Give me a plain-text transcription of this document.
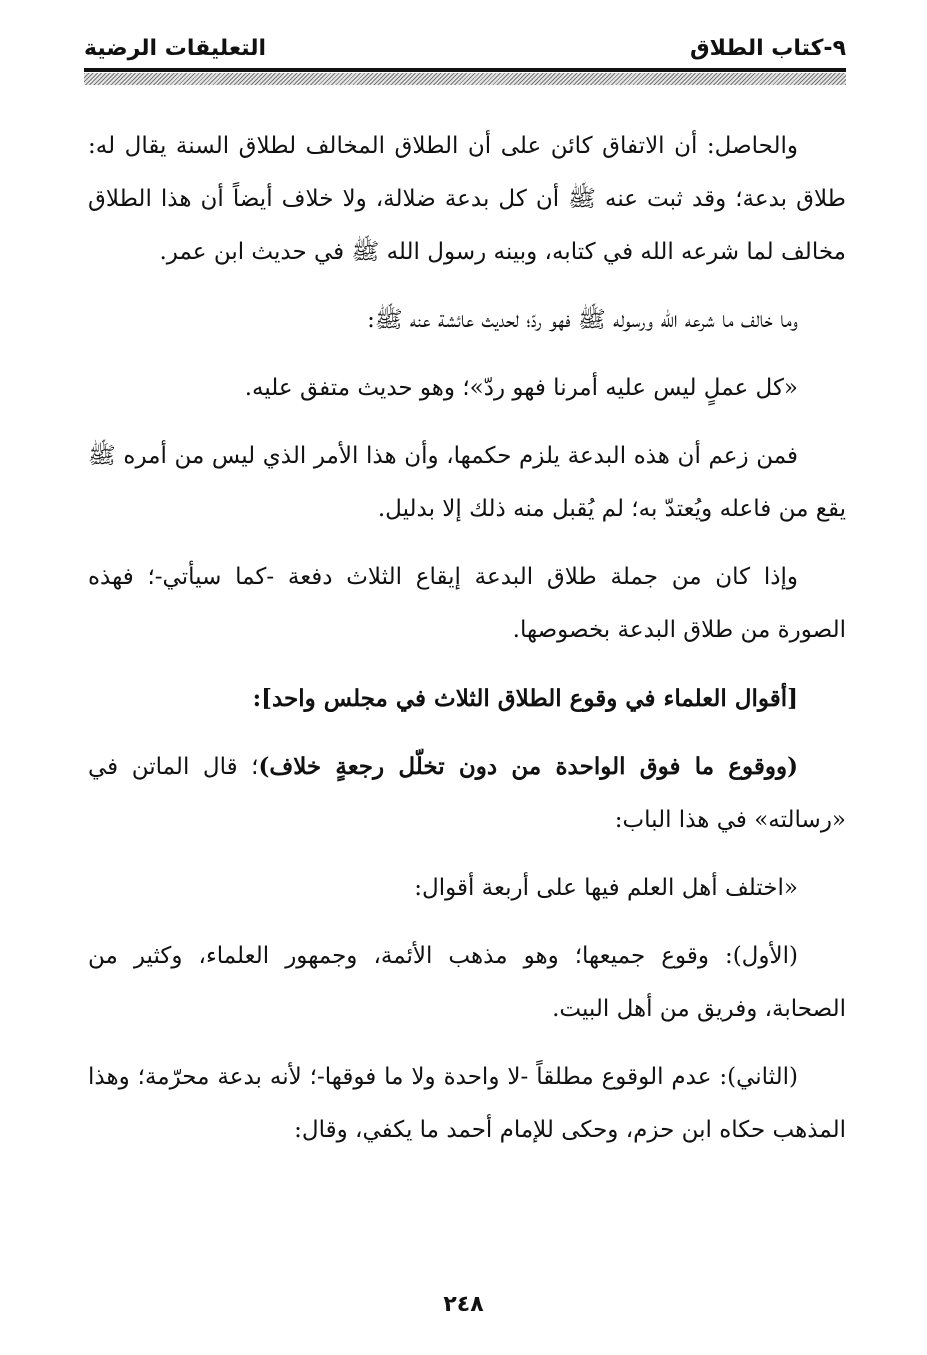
٩-كتاب الطلاق
التعليقات الرضية

والحاصل: أن الاتفاق كائن على أن الطلاق المخالف لطلاق السنة يقال له: طلاق بدعة؛ وقد ثبت عنه ﷺ أن كل بدعة ضلالة، ولا خلاف أيضاً أن هذا الطلاق مخالف لما شرعه الله في كتابه، وبينه رسول الله ﷺ في حديث ابن عمر.

وما خالف ما شرعه الله ورسوله ﷺ فهو ردّ؛ لحديث عائشة عنه ﷺ:

«كل عملٍ ليس عليه أمرنا فهو ردّ»؛ وهو حديث متفق عليه.

فمن زعم أن هذه البدعة يلزم حكمها، وأن هذا الأمر الذي ليس من أمره ﷺ يقع من فاعله ويُعتدّ به؛ لم يُقبل منه ذلك إلا بدليل.

وإذا كان من جملة طلاق البدعة إيقاع الثلاث دفعة -كما سيأتي-؛ فهذه الصورة من طلاق البدعة بخصوصها.

[أقوال العلماء في وقوع الطلاق الثلاث في مجلس واحد]:

(ووقوع ما فوق الواحدة من دون تخلّل رجعةٍ خلاف)؛ قال الماتن في «رسالته» في هذا الباب:

«اختلف أهل العلم فيها على أربعة أقوال:

(الأول): وقوع جميعها؛ وهو مذهب الأئمة، وجمهور العلماء، وكثير من الصحابة، وفريق من أهل البيت.

(الثاني): عدم الوقوع مطلقاً -لا واحدة ولا ما فوقها-؛ لأنه بدعة محرّمة؛ وهذا المذهب حكاه ابن حزم، وحكى للإمام أحمد ما يكفي، وقال:

٢٤٨
